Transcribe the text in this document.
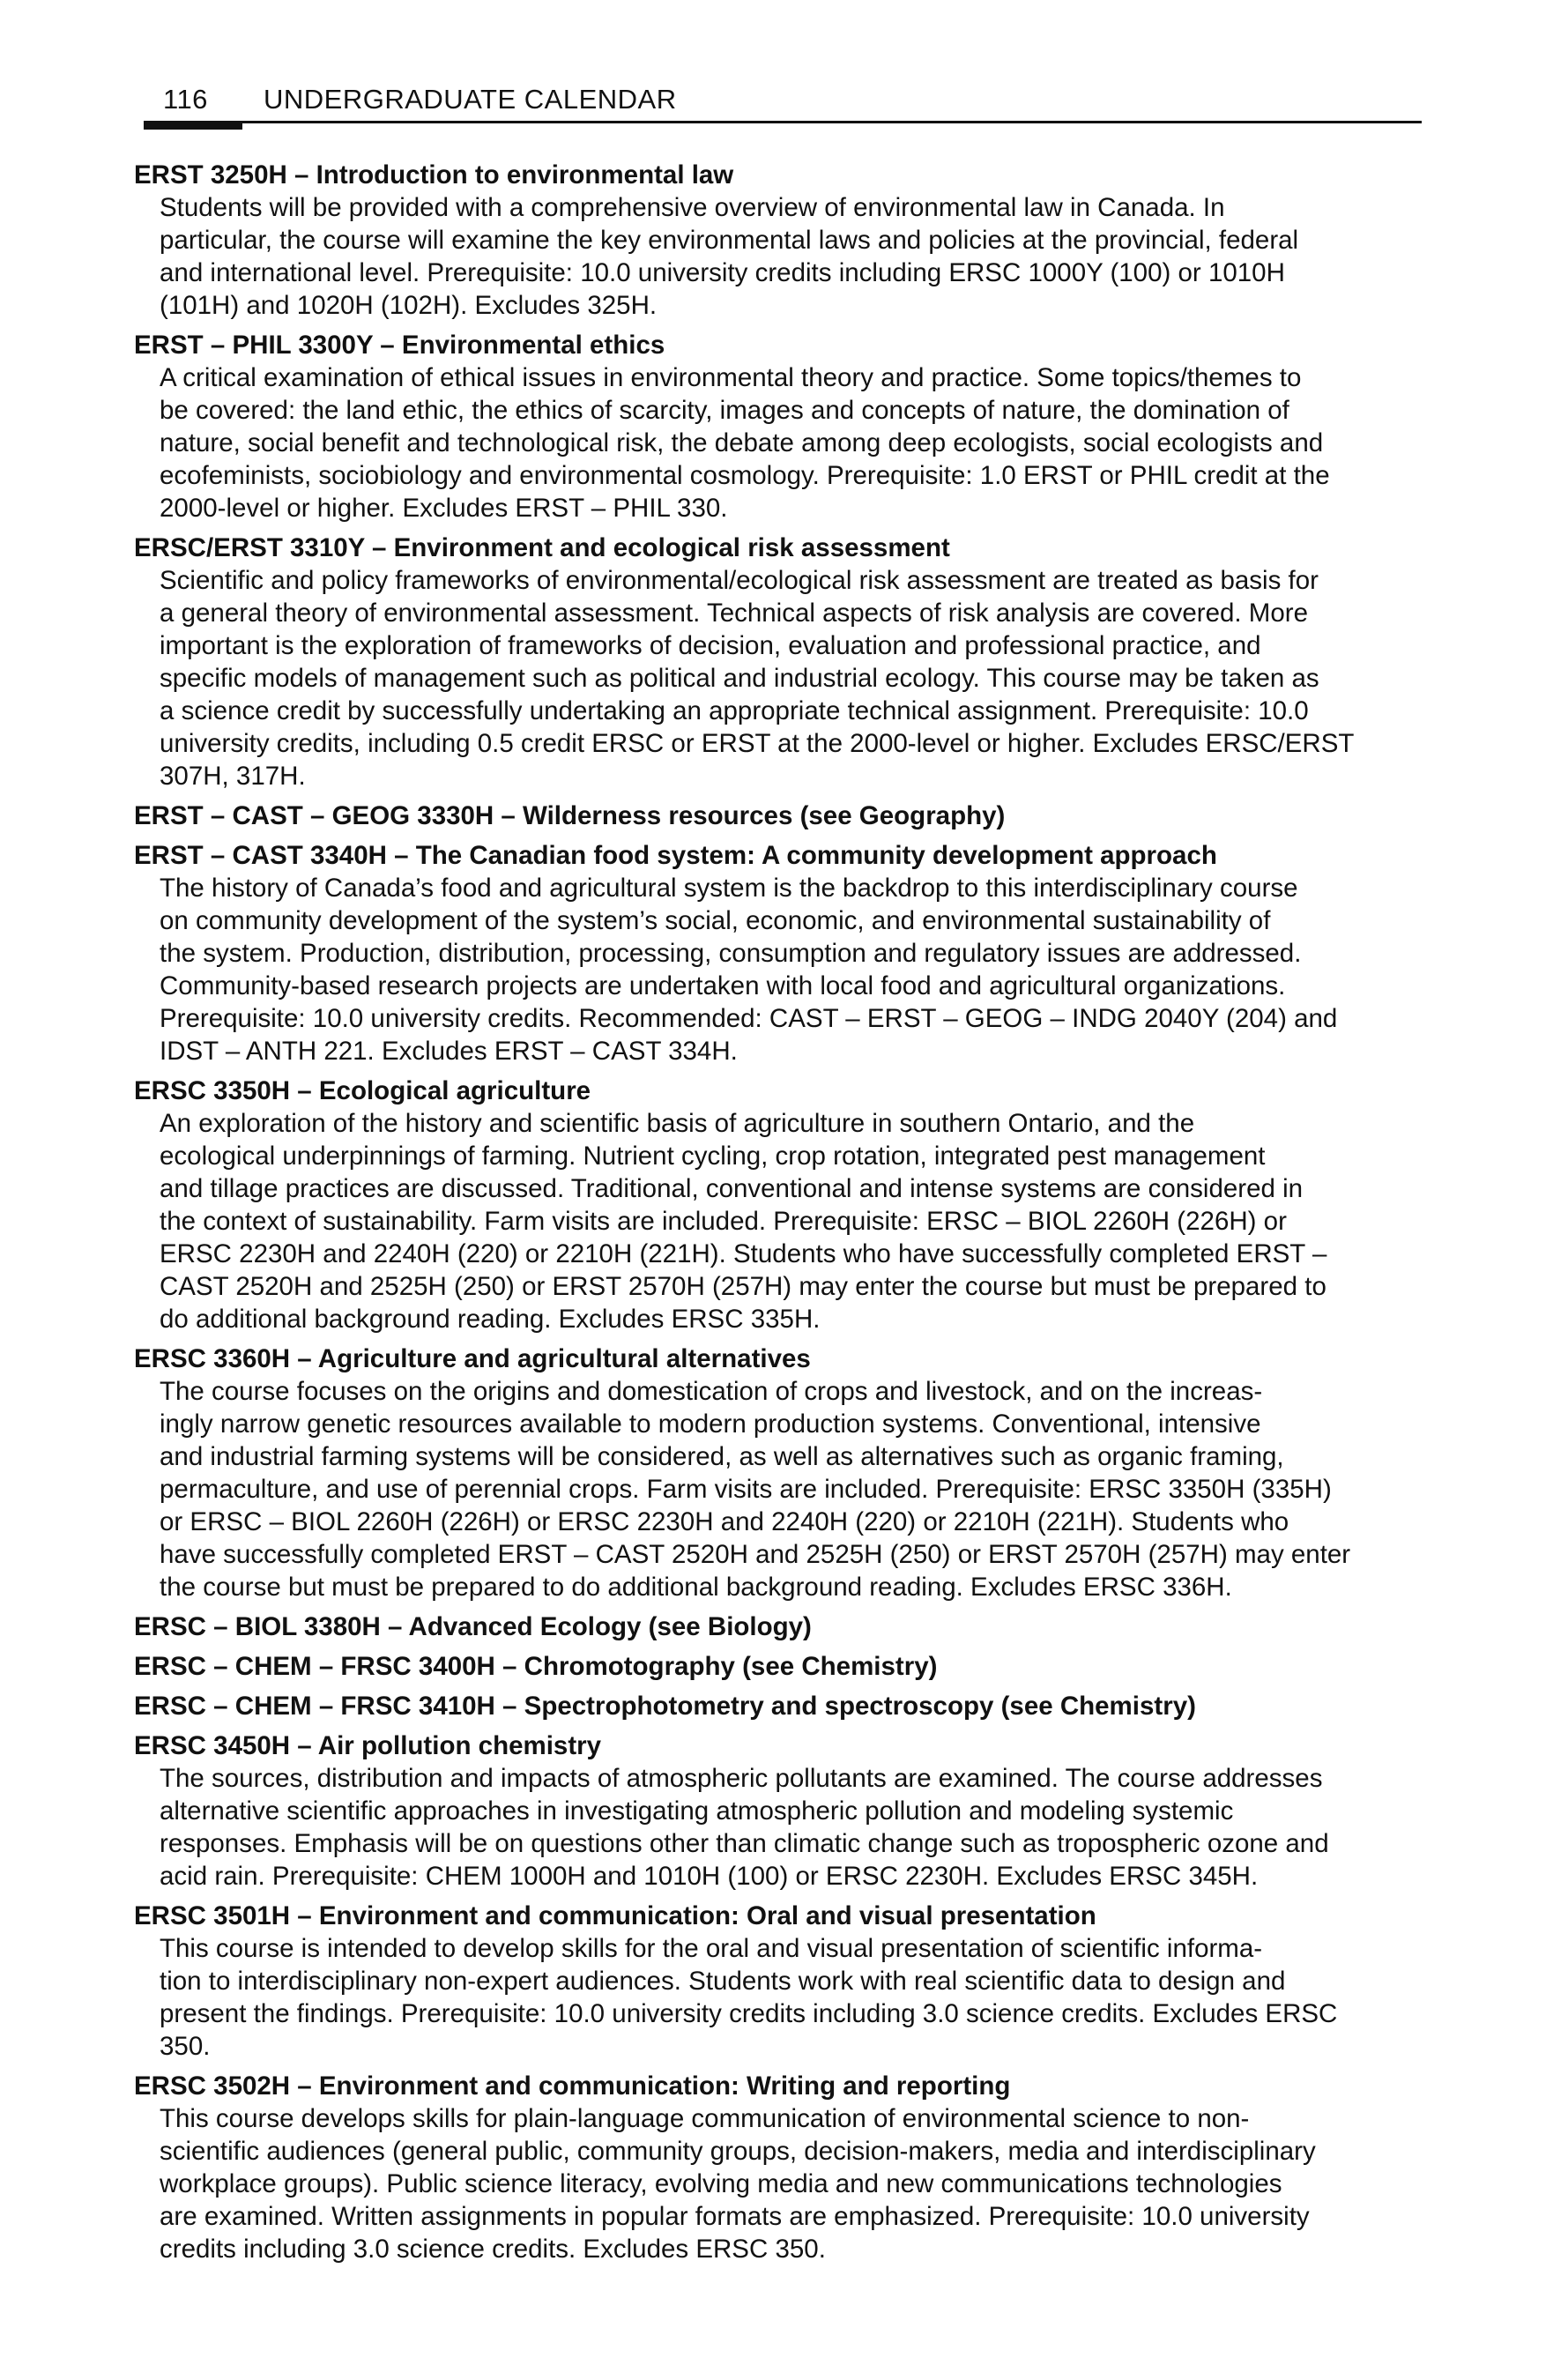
116 UNDERGRADUATE CALENDAR
ERST 3250H – Introduction to environmental law
Students will be provided with a comprehensive overview of environmental law in Canada. In
particular, the course will examine the key environmental laws and policies at the provincial, federal
and international level. Prerequisite: 10.0 university credits including ERSC 1000Y (100) or 1010H
(101H) and 1020H (102H). Excludes 325H.
ERST – PHIL 3300Y – Environmental ethics
A critical examination of ethical issues in environmental theory and practice. Some topics/themes to
be covered: the land ethic, the ethics of scarcity, images and concepts of nature, the domination of
nature, social benefit and technological risk, the debate among deep ecologists, social ecologists and
ecofeminists, sociobiology and environmental cosmology. Prerequisite: 1.0 ERST or PHIL credit at the
2000-level or higher. Excludes ERST – PHIL 330.
ERSC/ERST 3310Y – Environment and ecological risk assessment
Scientific and policy frameworks of environmental/ecological risk assessment are treated as basis for
a general theory of environmental assessment. Technical aspects of risk analysis are covered. More
important is the exploration of frameworks of decision, evaluation and professional practice, and
specific models of management such as political and industrial ecology. This course may be taken as
a science credit by successfully undertaking an appropriate technical assignment. Prerequisite: 10.0
university credits, including 0.5 credit ERSC or ERST at the 2000-level or higher. Excludes ERSC/ERST
307H, 317H.
ERST – CAST – GEOG 3330H – Wilderness resources (see Geography)
ERST – CAST 3340H – The Canadian food system: A community development approach
The history of Canada’s food and agricultural system is the backdrop to this interdisciplinary course
on community development of the system’s social, economic, and environmental sustainability of
the system. Production, distribution, processing, consumption and regulatory issues are addressed.
Community-based research projects are undertaken with local food and agricultural organizations.
Prerequisite: 10.0 university credits. Recommended: CAST – ERST – GEOG – INDG 2040Y (204) and
IDST – ANTH 221. Excludes ERST – CAST 334H.
ERSC 3350H – Ecological agriculture
An exploration of the history and scientific basis of agriculture in southern Ontario, and the
ecological underpinnings of farming. Nutrient cycling, crop rotation, integrated pest management
and tillage practices are discussed. Traditional, conventional and intense systems are considered in
the context of sustainability. Farm visits are included. Prerequisite: ERSC – BIOL 2260H (226H) or
ERSC 2230H and 2240H (220) or 2210H (221H). Students who have successfully completed ERST –
CAST 2520H and 2525H (250) or ERST 2570H (257H) may enter the course but must be prepared to
do additional background reading. Excludes ERSC 335H.
ERSC 3360H – Agriculture and agricultural alternatives
The course focuses on the origins and domestication of crops and livestock, and on the increas-
ingly narrow genetic resources available to modern production systems. Conventional, intensive
and industrial farming systems will be considered, as well as alternatives such as organic framing,
permaculture, and use of perennial crops. Farm visits are included. Prerequisite: ERSC 3350H (335H)
or ERSC – BIOL 2260H (226H) or ERSC 2230H and 2240H (220) or 2210H (221H). Students who
have successfully completed ERST – CAST 2520H and 2525H (250) or ERST 2570H (257H) may enter
the course but must be prepared to do additional background reading. Excludes ERSC 336H.
ERSC – BIOL 3380H – Advanced Ecology (see Biology)
ERSC – CHEM – FRSC 3400H – Chromotography (see Chemistry)
ERSC – CHEM – FRSC 3410H – Spectrophotometry and spectroscopy (see Chemistry)
ERSC 3450H – Air pollution chemistry
The sources, distribution and impacts of atmospheric pollutants are examined. The course addresses
alternative scientific approaches in investigating atmospheric pollution and modeling systemic
responses. Emphasis will be on questions other than climatic change such as tropospheric ozone and
acid rain. Prerequisite: CHEM 1000H and 1010H (100) or ERSC 2230H. Excludes ERSC 345H.
ERSC 3501H – Environment and communication: Oral and visual presentation
This course is intended to develop skills for the oral and visual presentation of scientific informa-
tion to interdisciplinary non-expert audiences. Students work with real scientific data to design and
present the findings. Prerequisite: 10.0 university credits including 3.0 science credits. Excludes ERSC
350.
ERSC 3502H – Environment and communication: Writing and reporting
This course develops skills for plain-language communication of environmental science to non-
scientific audiences (general public, community groups, decision-makers, media and interdisciplinary
workplace groups). Public science literacy, evolving media and new communications technologies
are examined. Written assignments in popular formats are emphasized. Prerequisite: 10.0 university
credits including 3.0 science credits. Excludes ERSC 350.
